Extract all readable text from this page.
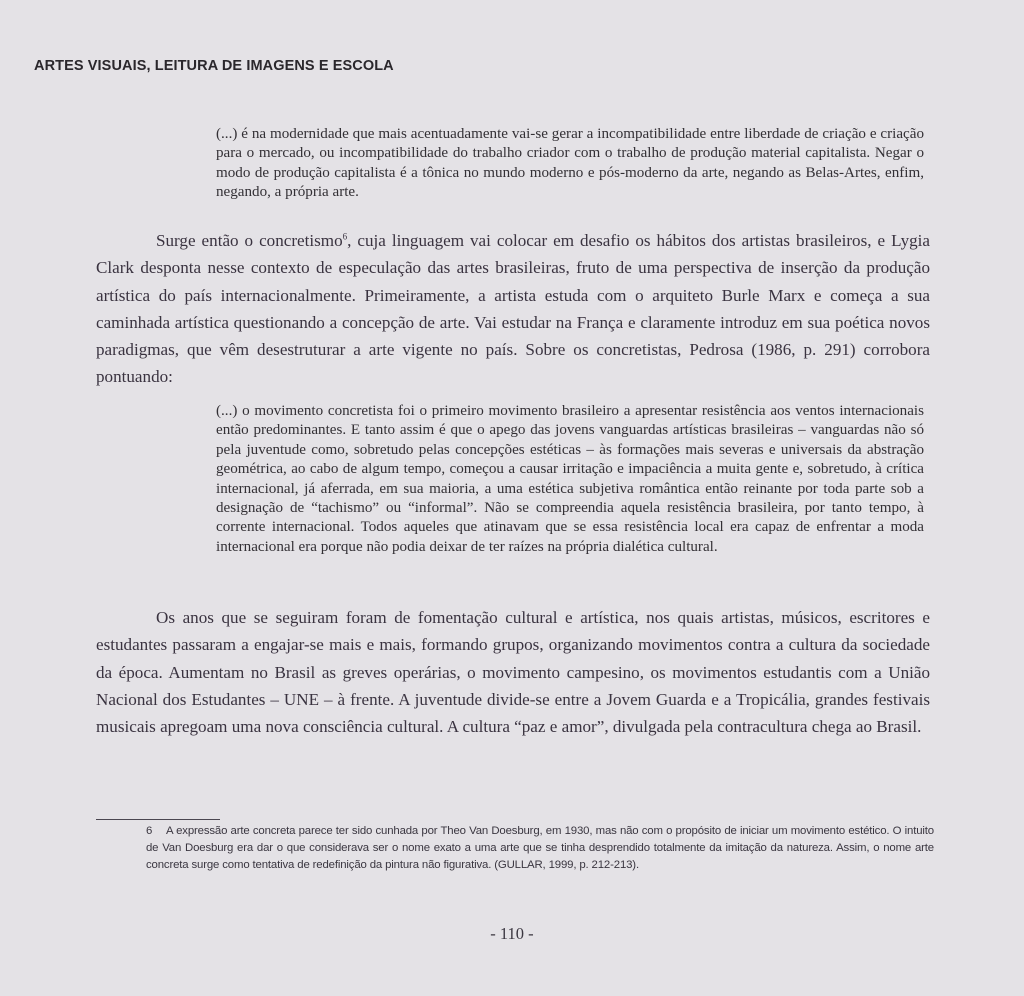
ARTES VISUAIS, LEITURA DE IMAGENS E ESCOLA

(...) é na modernidade que mais acentuadamente vai-se gerar a incompatibilidade entre liberdade de criação e criação para o mercado, ou incompatibilidade do trabalho criador com o trabalho de produção material capitalista. Negar o modo de produção capitalista é a tônica no mundo moderno e pós-moderno da arte, negando as Belas-Artes, enfim, negando, a própria arte.

Surge então o concretismo$^6$, cuja linguagem vai colocar em desafio os hábitos dos artistas brasileiros, e Lygia Clark desponta nesse contexto de especulação das artes brasileiras, fruto de uma perspectiva de inserção da produção artística do país internacionalmente. Primeiramente, a artista estuda com o arquiteto Burle Marx e começa a sua caminhada artística questionando a concepção de arte. Vai estudar na França e claramente introduz em sua poética novos paradigmas, que vêm desestruturar a arte vigente no país. Sobre os concretistas, Pedrosa (1986, p. 291) corrobora pontuando:

(...) o movimento concretista foi o primeiro movimento brasileiro a apresentar resistência aos ventos internacionais então predominantes. E tanto assim é que o apego das jovens vanguardas artísticas brasileiras – vanguardas não só pela juventude como, sobretudo pelas concepções estéticas – às formações mais severas e universais da abstração geométrica, ao cabo de algum tempo, começou a causar irritação e impaciência a muita gente e, sobretudo, à crítica internacional, já aferrada, em sua maioria, a uma estética subjetiva romântica então reinante por toda parte sob a designação de “tachismo” ou “informal”. Não se compreendia aquela resistência brasileira, por tanto tempo, à corrente internacional. Todos aqueles que atinavam que se essa resistência local era capaz de enfrentar a moda internacional era porque não podia deixar de ter raízes na própria dialética cultural.

Os anos que se seguiram foram de fomentação cultural e artística, nos quais artistas, músicos, escritores e estudantes passaram a engajar-se mais e mais, formando grupos, organizando movimentos contra a cultura da sociedade da época. Aumentam no Brasil as greves operárias, o movimento campesino, os movimentos estudantis com a União Nacional dos Estudantes – UNE – à frente. A juventude divide-se entre a Jovem Guarda e a Tropicália, grandes festivais musicais apregoam uma nova consciência cultural. A cultura “paz e amor”, divulgada pela contracultura chega ao Brasil.

6 A expressão arte concreta parece ter sido cunhada por Theo Van Doesburg, em 1930, mas não com o propósito de iniciar um movimento estético. O intuito de Van Doesburg era dar o que considerava ser o nome exato a uma arte que se tinha desprendido totalmente da imitação da natureza. Assim, o nome arte concreta surge como tentativa de redefinição da pintura não figurativa. (GULLAR, 1999, p. 212-213).

- 110 -
